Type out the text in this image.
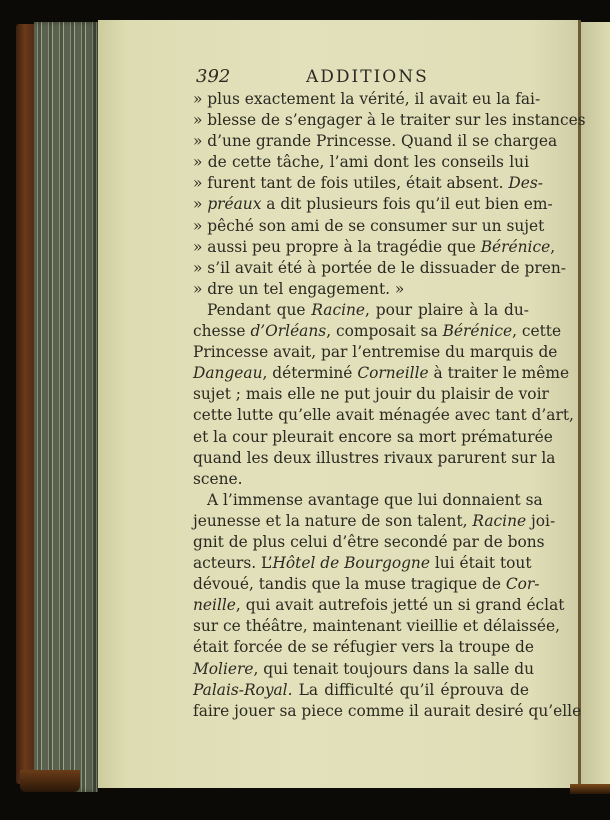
392	ADDITIONS
» plus exactement la vérité, il avait eu la fai-
» blesse de s’engager à le traiter sur les instances
» d’une grande Princesse. Quand il se chargea
» de cette tâche, l’ami dont les conseils lui
» furent tant de fois utiles, était absent. Des-
» préaux a dit plusieurs fois qu’il eut bien em-
» pêché son ami de se consumer sur un sujet
» aussi peu propre à la tragédie que Bérénice,
» s’il avait été à portée de le dissuader de pren-
» dre un tel engagement. »
Pendant que Racine, pour plaire à la du-
chesse d’Orléans, composait sa Bérénice, cette
Princesse avait, par l’entremise du marquis de
Dangeau, déterminé Corneille à traiter le même
sujet ; mais elle ne put jouir du plaisir de voir
cette lutte qu’elle avait ménagée avec tant d’art,
et la cour pleurait encore sa mort prématurée
quand les deux illustres rivaux parurent sur la
scene.
A l’immense avantage que lui donnaient sa
jeunesse et la nature de son talent, Racine joi-
gnit de plus celui d’être secondé par de bons
acteurs. L’Hôtel de Bourgogne lui était tout
dévoué, tandis que la muse tragique de Cor-
neille, qui avait autrefois jetté un si grand éclat
sur ce théâtre, maintenant vieillie et délaissée,
était forcée de se réfugier vers la troupe de
Moliere, qui tenait toujours dans la salle du
Palais-Royal. La difficulté qu’il éprouva de
faire jouer sa piece comme il aurait desiré qu’elle
